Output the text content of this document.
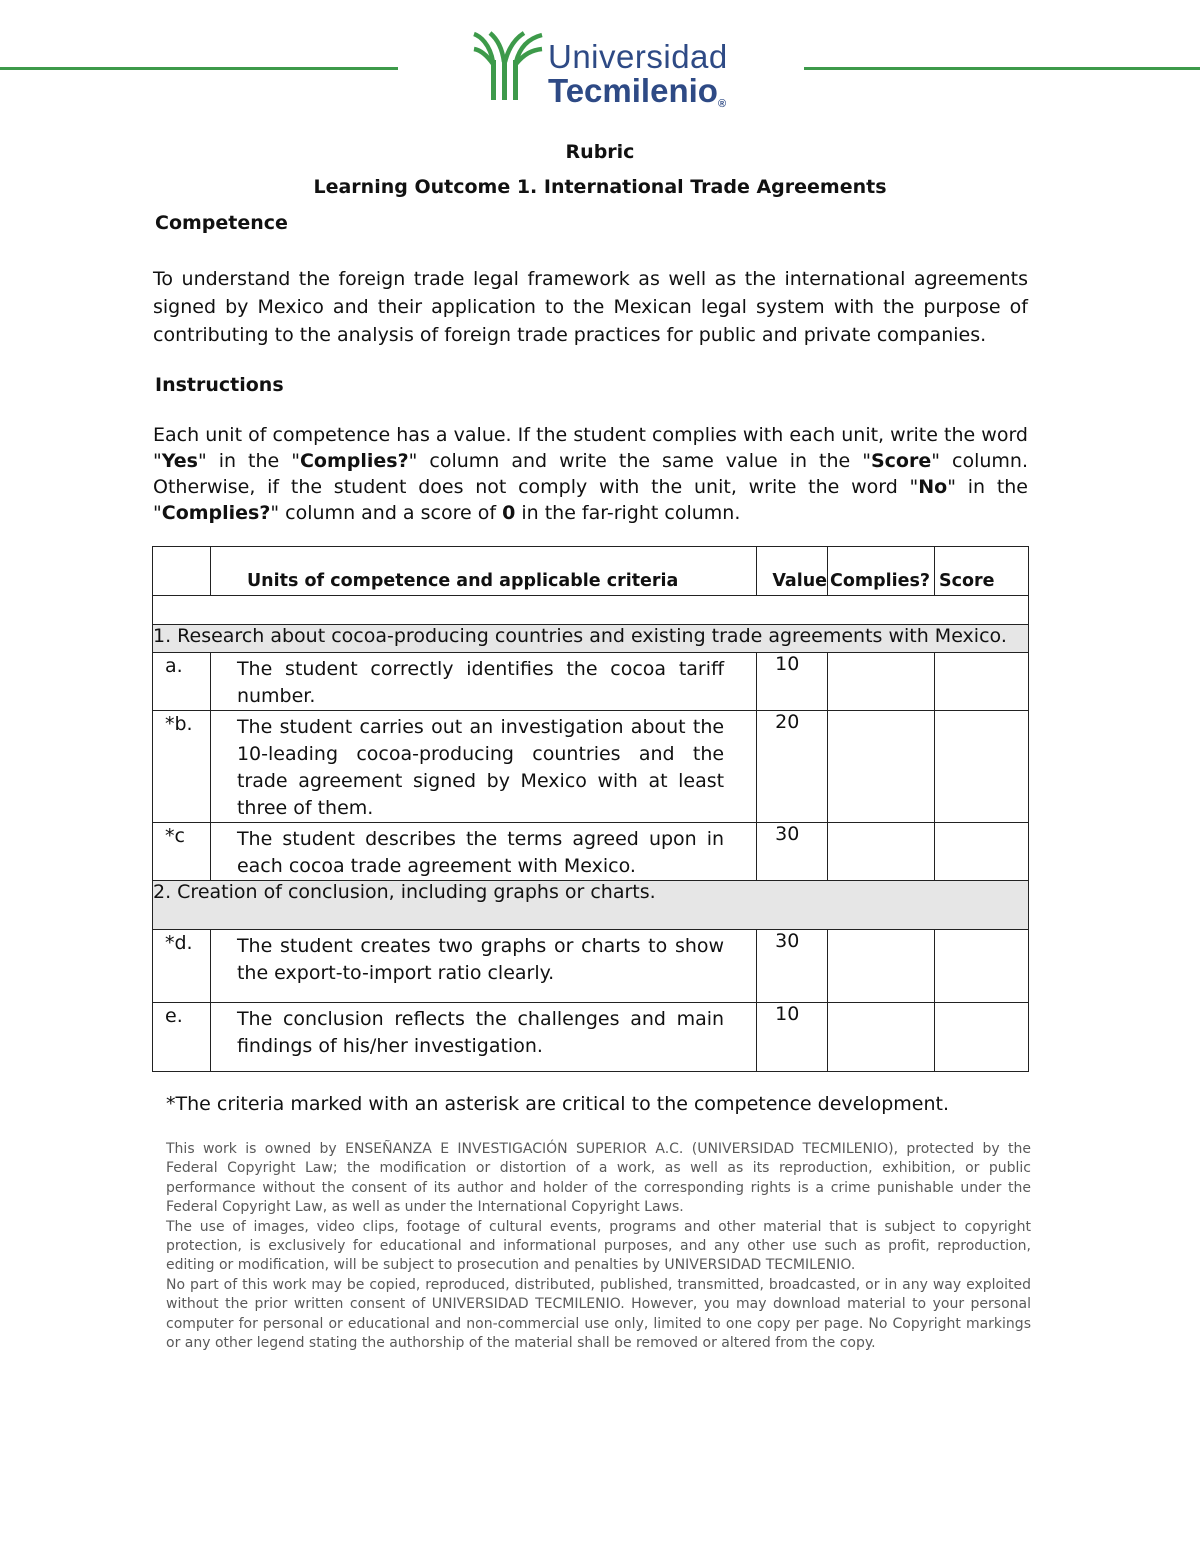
Universidad
Tecmilenio®
Rubric
Learning Outcome 1. International Trade Agreements
Competence
To understand the foreign trade legal framework as well as the international agreements signed by Mexico and their application to the Mexican legal system with the purpose of contributing to the analysis of foreign trade practices for public and private companies.
Instructions
Each unit of competence has a value. If the student complies with each unit, write the word "Yes" in the "Complies?" column and write the same value in the "Score" column. Otherwise, if the student does not comply with the unit, write the word "No" in the "Complies?" column and a score of 0 in the far-right column.
	Units of competence and applicable criteria	Value	Complies?	Score

1. Research about cocoa-producing countries and existing trade agreements with Mexico.				
a.	The student correctly identifies the cocoa tariff number.	10		
*b.	The student carries out an investigation about the 10-leading cocoa-producing countries and the trade agreement signed by Mexico with at least three of them.	20		
*c	The student describes the terms agreed upon in each cocoa trade agreement with Mexico.	30		
2. Creation of conclusion, including graphs or charts.				
*d.	The student creates two graphs or charts to show the export-to-import ratio clearly.	30		
e.	The conclusion reflects the challenges and main findings of his/her investigation.	10		
*The criteria marked with an asterisk are critical to the competence development.
This work is owned by ENSEÑANZA E INVESTIGACIÓN SUPERIOR A.C. (UNIVERSIDAD TECMILENIO), protected by the Federal Copyright Law; the modification or distortion of a work, as well as its reproduction, exhibition, or public performance without the consent of its author and holder of the corresponding rights is a crime punishable under the Federal Copyright Law, as well as under the International Copyright Laws.
The use of images, video clips, footage of cultural events, programs and other material that is subject to copyright protection, is exclusively for educational and informational purposes, and any other use such as profit, reproduction, editing or modification, will be subject to prosecution and penalties by UNIVERSIDAD TECMILENIO.
No part of this work may be copied, reproduced, distributed, published, transmitted, broadcasted, or in any way exploited without the prior written consent of UNIVERSIDAD TECMILENIO. However, you may download material to your personal computer for personal or educational and non-commercial use only, limited to one copy per page. No Copyright markings or any other legend stating the authorship of the material shall be removed or altered from the copy.
